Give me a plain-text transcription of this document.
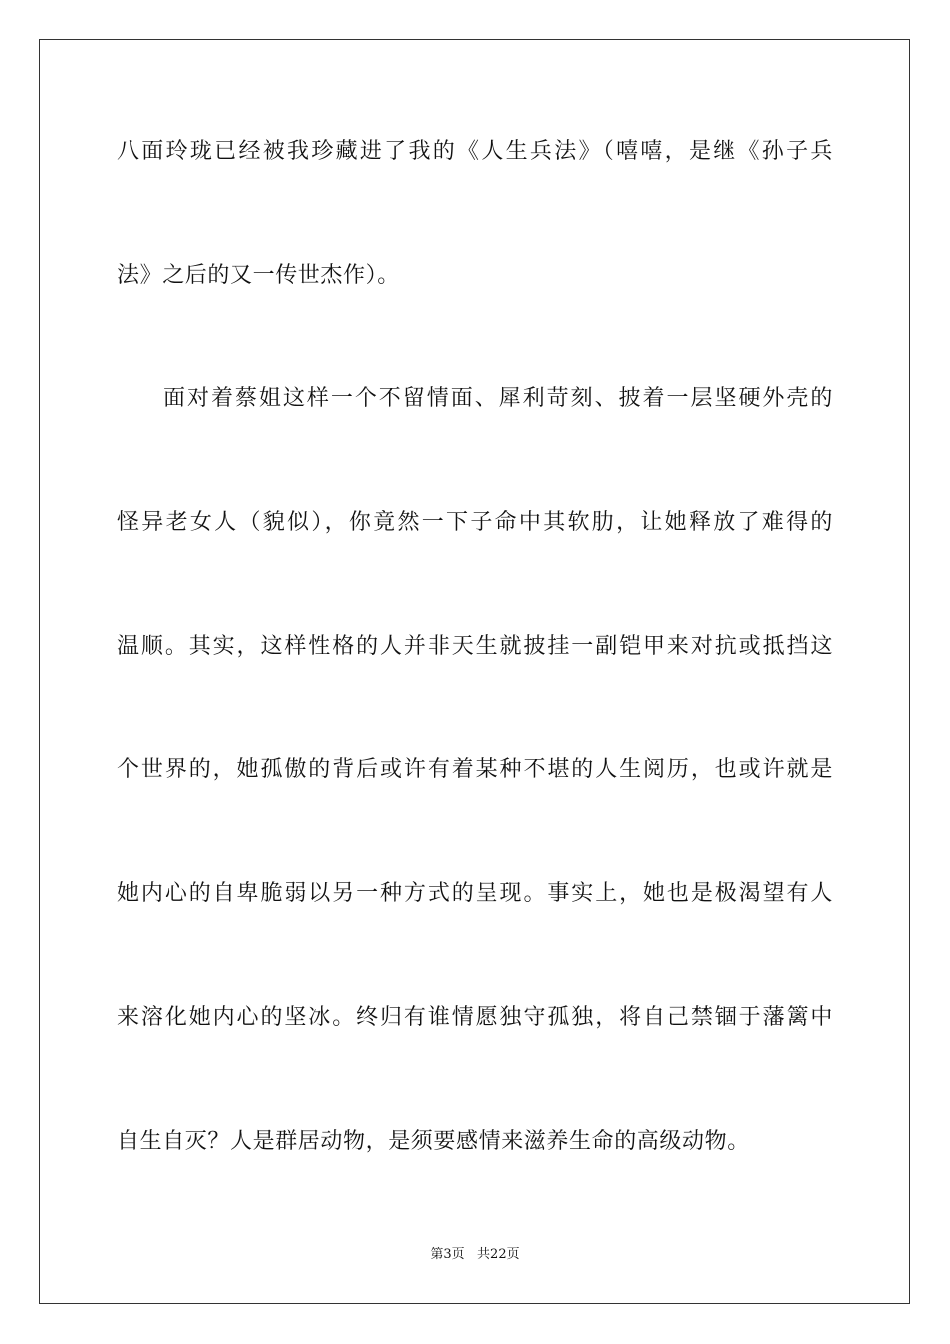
八面玲珑已经被我珍藏进了我的《人生兵法》（嘻嘻，是继《孙子兵
法》之后的又一传世杰作）。
面对着蔡姐这样一个不留情面、犀利苛刻、披着一层坚硬外壳的
怪异老女人（貌似），你竟然一下子命中其软肋，让她释放了难得的
温顺。其实，这样性格的人并非天生就披挂一副铠甲来对抗或抵挡这
个世界的，她孤傲的背后或许有着某种不堪的人生阅历，也或许就是
她内心的自卑脆弱以另一种方式的呈现。事实上，她也是极渴望有人
来溶化她内心的坚冰。终归有谁情愿独守孤独，将自己禁锢于藩篱中
自生自灭？人是群居动物，是须要感情来滋养生命的高级动物。
第3页   共22页
